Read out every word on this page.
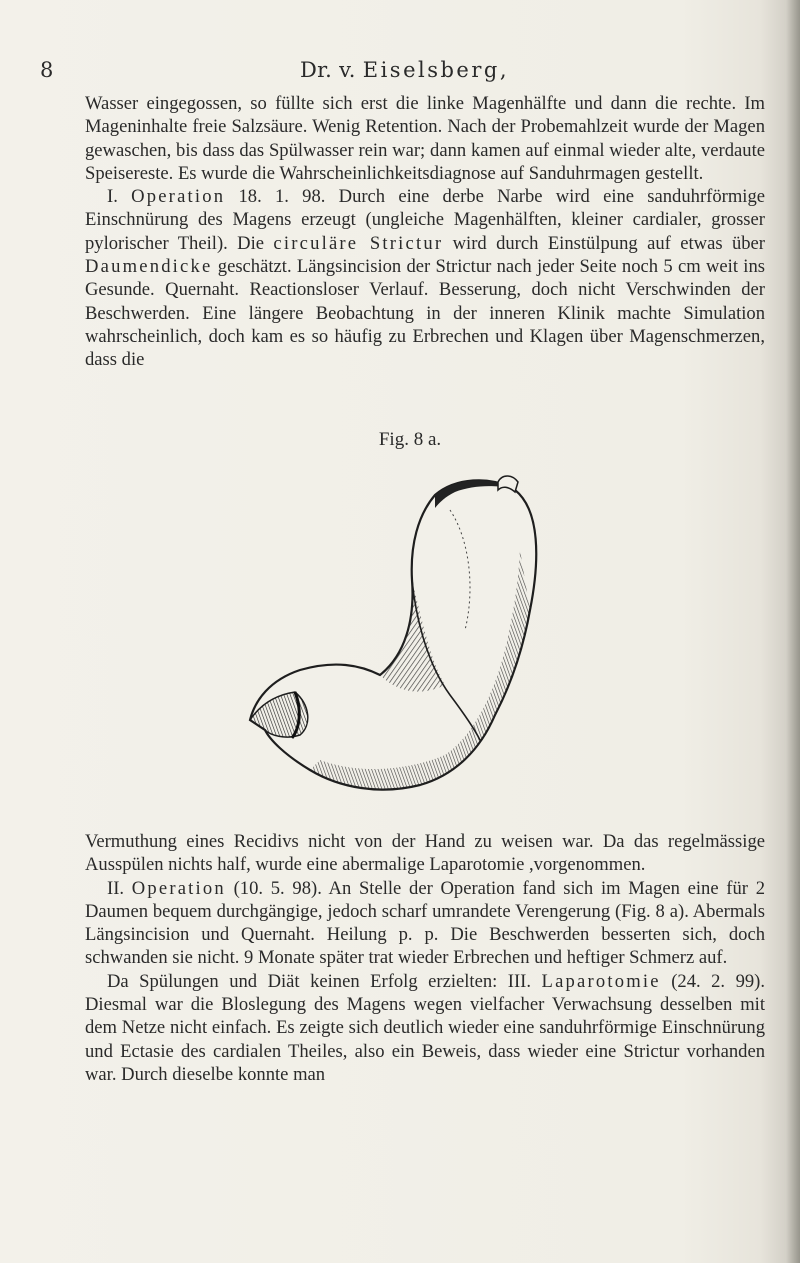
8	Dr. v. Eiselsberg,

Wasser eingegossen, so füllte sich erst die linke Magenhälfte und dann die rechte. Im Mageninhalte freie Salzsäure. Wenig Retention. Nach der Probemahlzeit wurde der Magen gewaschen, bis dass das Spülwasser rein war; dann kamen auf einmal wieder alte, verdaute Speisereste. Es wurde die Wahrscheinlichkeitsdiagnose auf Sanduhrmagen gestellt.

I. Operation 18. 1. 98. Durch eine derbe Narbe wird eine sanduhrförmige Einschnürung des Magens erzeugt (ungleiche Magenhälften, kleiner cardialer, grosser pylorischer Theil). Die circuläre Strictur wird durch Einstülpung auf etwas über Daumendicke geschätzt. Längsincision der Strictur nach jeder Seite noch 5 cm weit ins Gesunde. Quernaht. Reactionsloser Verlauf. Besserung, doch nicht Verschwinden der Beschwerden. Eine längere Beobachtung in der inneren Klinik machte Simulation wahrscheinlich, doch kam es so häufig zu Erbrechen und Klagen über Magenschmerzen, dass die

Fig. 8 a.

Vermuthung eines Recidivs nicht von der Hand zu weisen war. Da das regelmässige Ausspülen nichts half, wurde eine abermalige Laparotomie ,vorgenommen.

II. Operation (10. 5. 98). An Stelle der Operation fand sich im Magen eine für 2 Daumen bequem durchgängige, jedoch scharf umrandete Verengerung (Fig. 8 a). Abermals Längsincision und Quernaht. Heilung p. p. Die Beschwerden besserten sich, doch schwanden sie nicht. 9 Monate später trat wieder Erbrechen und heftiger Schmerz auf.

Da Spülungen und Diät keinen Erfolg erzielten: III. Laparotomie (24. 2. 99). Diesmal war die Bloslegung des Magens wegen vielfacher Verwachsung desselben mit dem Netze nicht einfach. Es zeigte sich deutlich wieder eine sanduhrförmige Einschnürung und Ectasie des cardialen Theiles, also ein Beweis, dass wieder eine Strictur vorhanden war. Durch dieselbe konnte man
